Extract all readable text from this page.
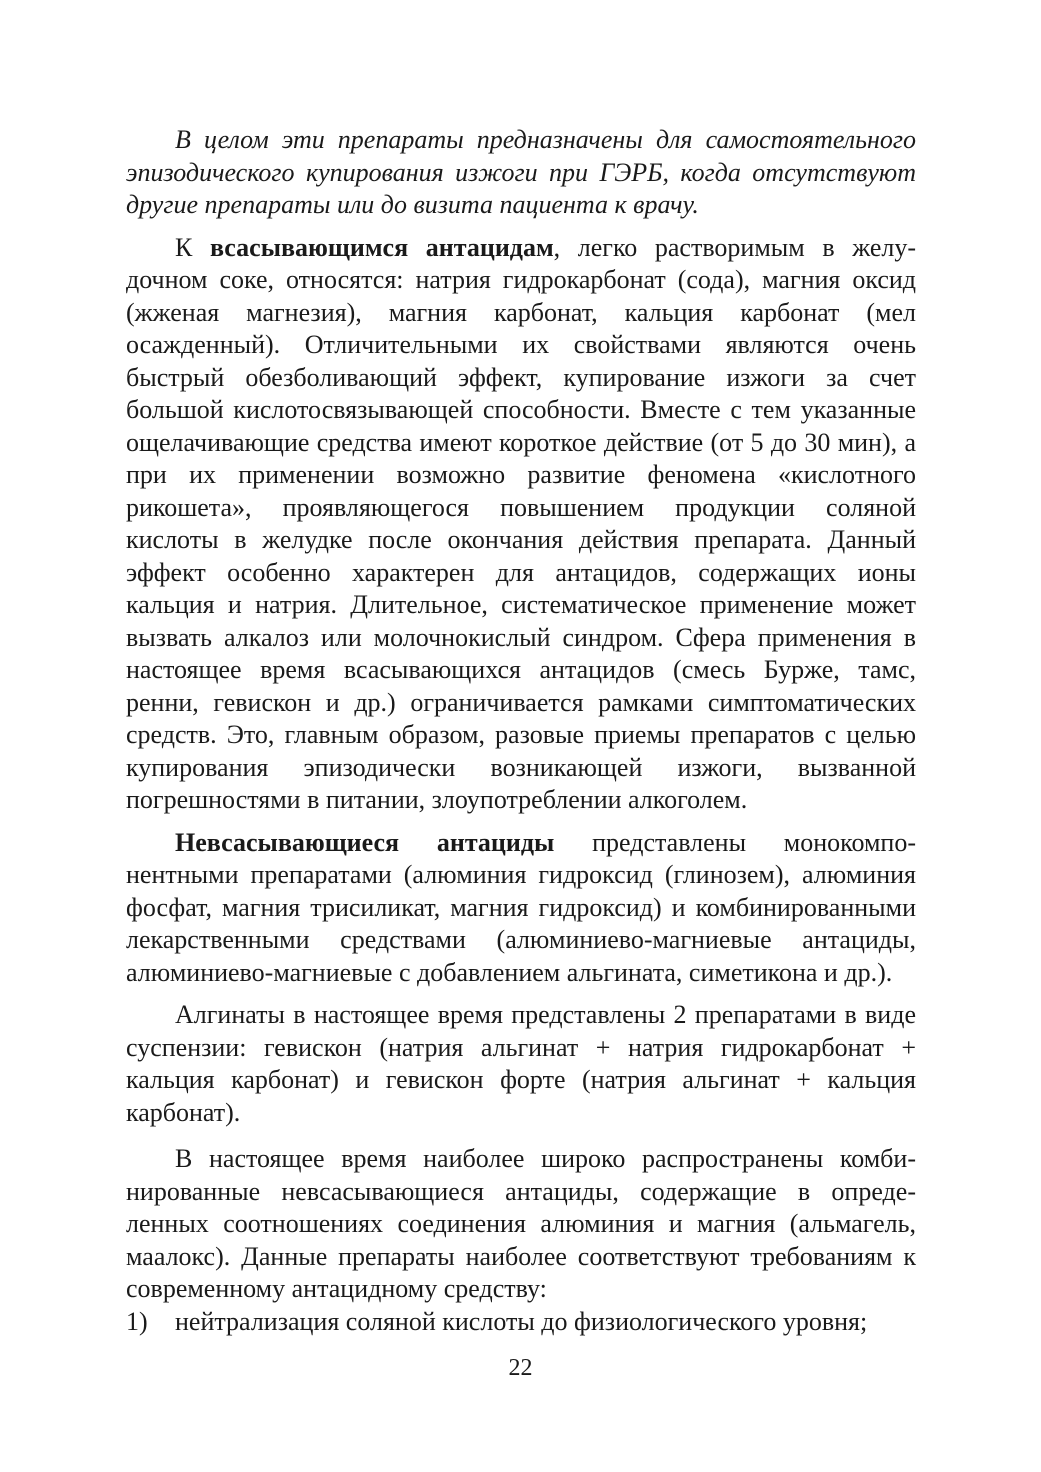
В целом эти препараты предназначены для самостоятельного эпизодического купирования изжоги при ГЭРБ, когда отсутствуют другие препараты или до визита пациента к врачу.

К всасывающимся антацидам, легко растворимым в желудочном соке, относятся: натрия гидрокарбонат (сода), магния оксид (жженая магнезия), магния карбонат, кальция карбонат (мел осажденный). Отличительными их свойствами являются очень быстрый обезболивающий эффект, купирование изжоги за счет большой кислотосвязывающей способности. Вместе с тем указанные ощелачивающие средства имеют короткое действие (от 5 до 30 мин), а при их применении возможно развитие феномена «кислотного рикошета», проявляющегося повышением продукции соляной кислоты в желудке после окончания действия препарата. Данный эффект особенно характерен для антацидов, содержащих ионы кальция и натрия. Длительное, систематическое применение может вызвать алкалоз или молочнокислый синдром. Сфера применения в настоящее время всасывающихся антацидов (смесь Бурже, тамс, ренни, гевискон и др.) ограничивается рамками симптоматических средств. Это, главным образом, разовые приемы препаратов с целью купирования эпизодически возникающей изжоги, вызванной погрешностями в питании, злоупотреблении алкоголем.

Невсасывающиеся антациды представлены монокомпонентными препаратами (алюминия гидроксид (глинозем), алюминия фосфат, магния трисиликат, магния гидроксид) и комбинированными лекарственными средствами (алюминиево-магниевые антациды, алюминиево-магниевые с добавлением альгината, симетикона и др.).

Алгинаты в настоящее время представлены 2 препаратами в виде суспензии: гевискон (натрия альгинат + натрия гидрокарбонат + кальция карбонат) и гевискон форте (натрия альгинат + кальция карбонат).

В настоящее время наиболее широко распространены комбинированные невсасывающиеся антациды, содержащие в определенных соотношениях соединения алюминия и магния (альмагель, маалокс). Данные препараты наиболее соответствуют требованиям к современному антацидному средству:

1)	нейтрализация соляной кислоты до физиологического уровня;
22
